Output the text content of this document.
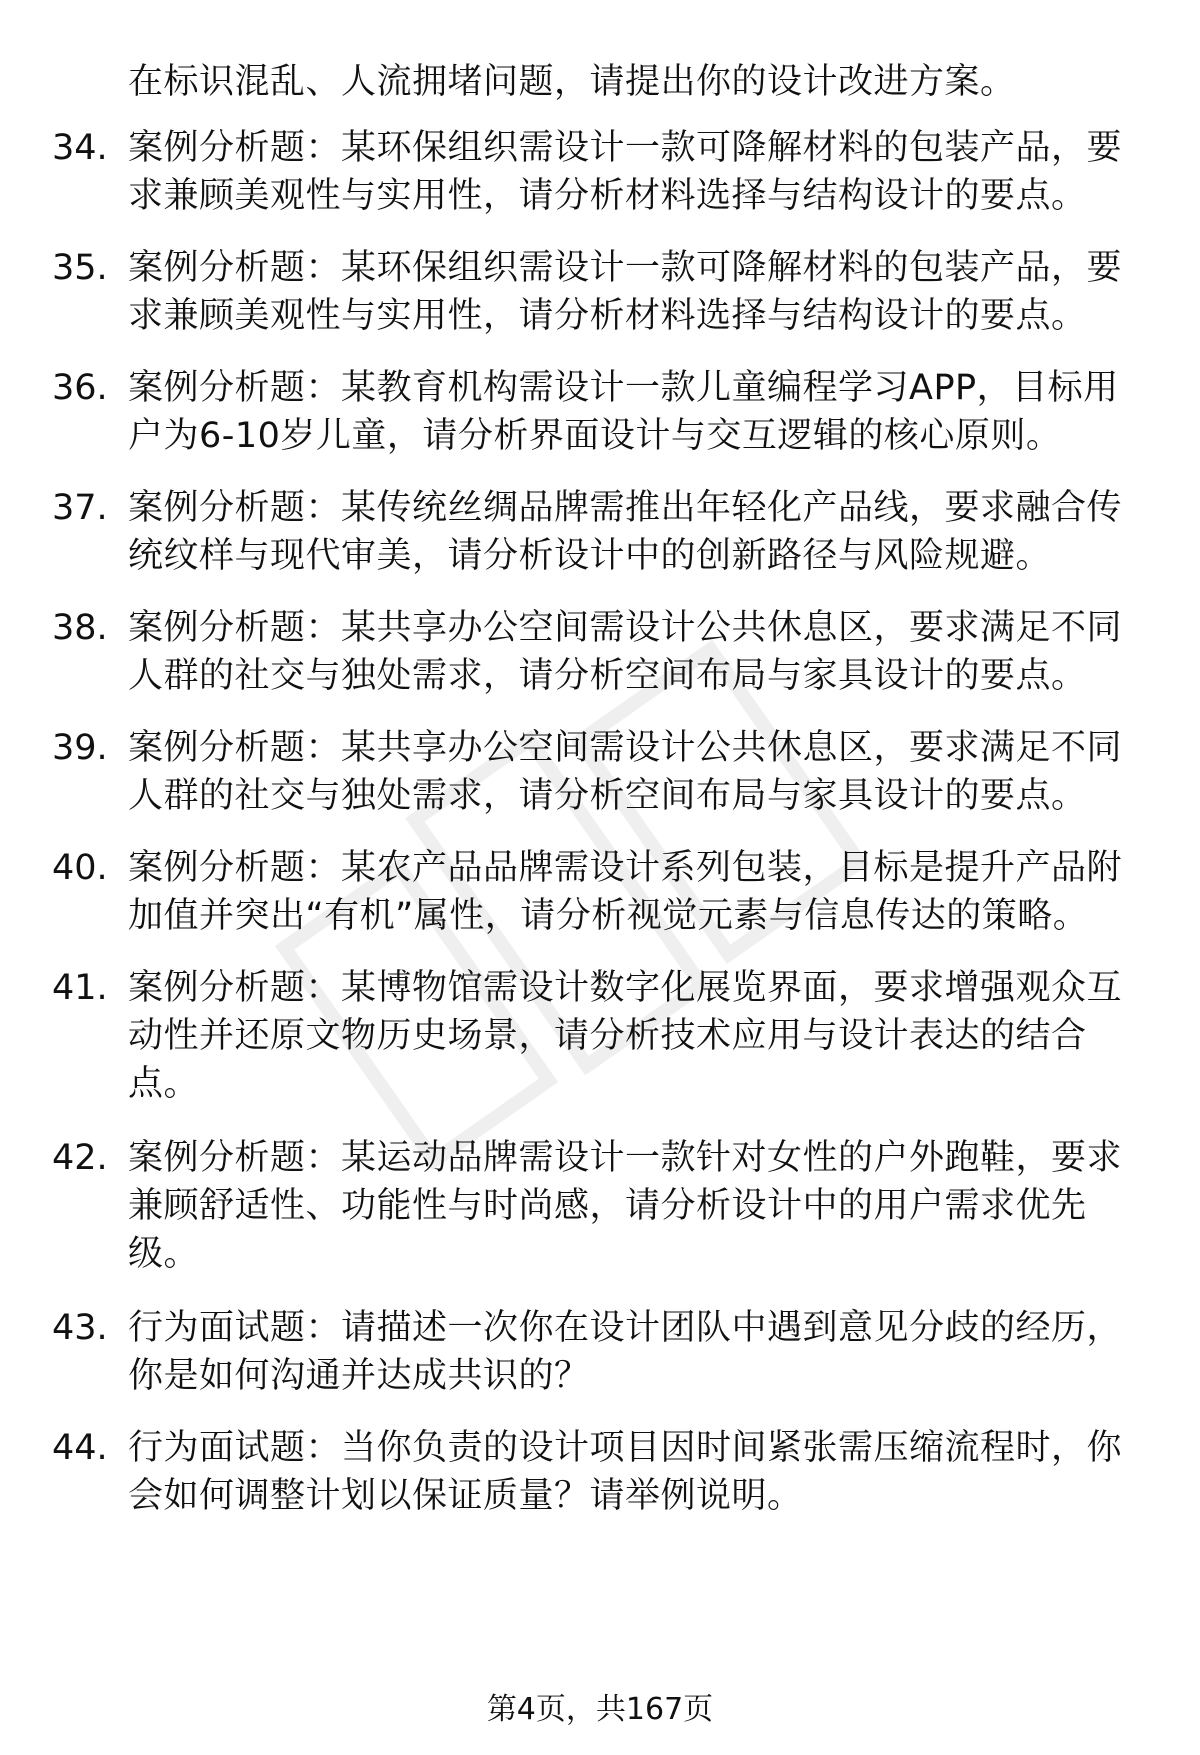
在标识混乱、人流拥堵问题，请提出你的设计改进方案。
34. 案例分析题：某环保组织需设计一款可降解材料的包装产品，要求兼顾美观性与实用性，请分析材料选择与结构设计的要点。
35. 案例分析题：某环保组织需设计一款可降解材料的包装产品，要求兼顾美观性与实用性，请分析材料选择与结构设计的要点。
36. 案例分析题：某教育机构需设计一款儿童编程学习APP，目标用户为6-10岁儿童，请分析界面设计与交互逻辑的核心原则。
37. 案例分析题：某传统丝绸品牌需推出年轻化产品线，要求融合传统纹样与现代审美，请分析设计中的创新路径与风险规避。
38. 案例分析题：某共享办公空间需设计公共休息区，要求满足不同人群的社交与独处需求，请分析空间布局与家具设计的要点。
39. 案例分析题：某共享办公空间需设计公共休息区，要求满足不同人群的社交与独处需求，请分析空间布局与家具设计的要点。
40. 案例分析题：某农产品品牌需设计系列包装，目标是提升产品附加值并突出“有机”属性，请分析视觉元素与信息传达的策略。
41. 案例分析题：某博物馆需设计数字化展览界面，要求增强观众互动性并还原文物历史场景，请分析技术应用与设计表达的结合点。
42. 案例分析题：某运动品牌需设计一款针对女性的户外跑鞋，要求兼顾舒适性、功能性与时尚感，请分析设计中的用户需求优先级。
43. 行为面试题：请描述一次你在设计团队中遇到意见分歧的经历，你是如何沟通并达成共识的？
44. 行为面试题：当你负责的设计项目因时间紧张需压缩流程时，你会如何调整计划以保证质量？请举例说明。
第4页，共167页
